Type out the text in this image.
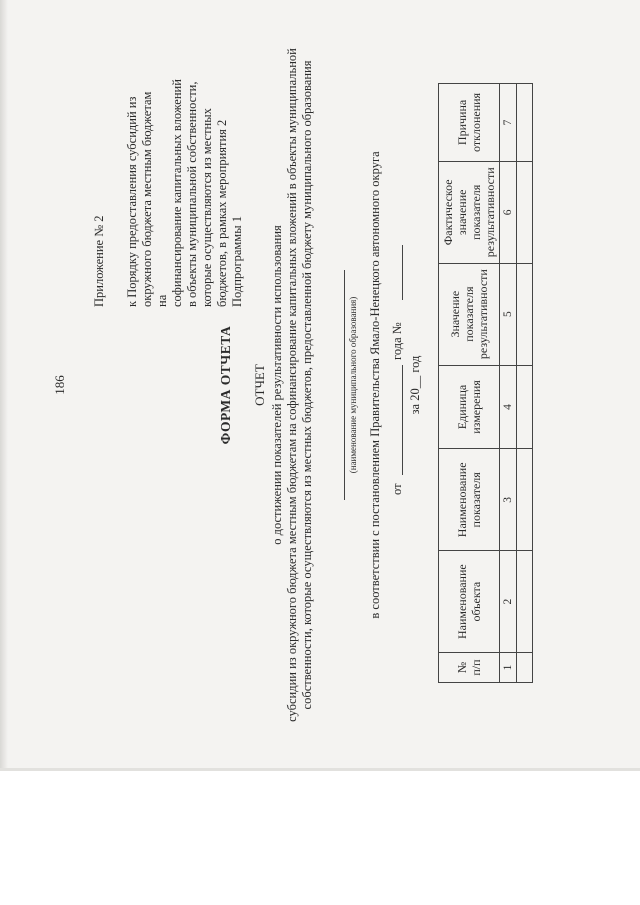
186
Приложение № 2 к Порядку предоставления субсидий из
окружного бюджета местным бюджетам на
софинансирование капитальных вложений
в объекты муниципальной собственности,
которые осуществляются из местных
бюджетов, в рамках мероприятия 2
Подпрограммы 1
ФОРМА ОТЧЕТА ОТЧЕТ
о достижении показателей результативности использования
субсидии из окружного бюджета местным бюджетам на софинансирование капитальных вложений в объекты муниципальной
собственности, которые осуществляются из местных бюджетов, предоставленной бюджету муниципального образования
(наименование муниципального образования) в соответствии с постановлением Правительства Ямало-Ненецкого автономного округа от
года №
за 20__ год
№ п/п	Наименование объекта	Наименование показателя	Единица измерения	Значение показателя результативности	Фактическое значение показателя результативности	Причина отклонения
1	2	3	4	5	6	7
